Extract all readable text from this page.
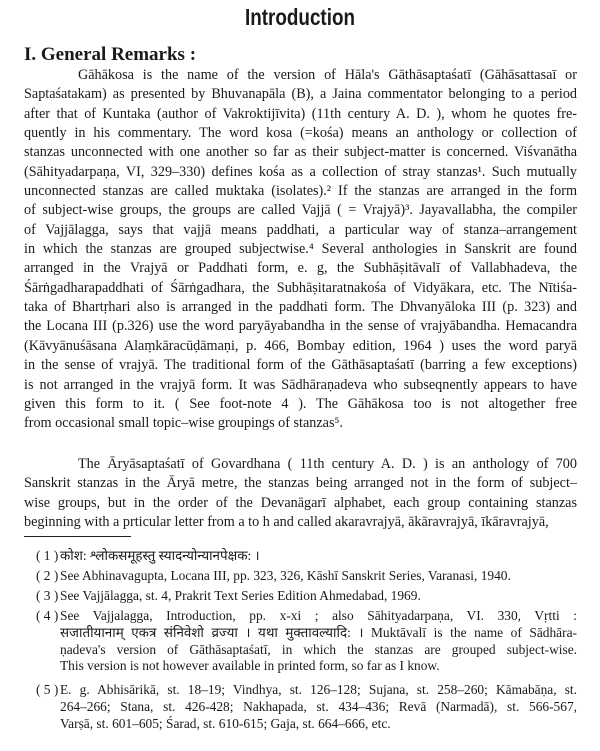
Introduction
I. General Remarks :
Gāhākosa is the name of the version of Hāla's Gāthāsaptaśatī (Gāhāsattasaī or
Saptaśatakam) as presented by Bhuvanapāla (B), a Jaina commentator belonging to a period
after that of Kuntaka (author of Vakroktijīvita) (11th century A. D. ), whom he quotes fre-
quently in his commentary. The word kosa (=kośa) means an anthology or collection of
stanzas unconnected with one another so far as their subject-matter is concerned. Viśvanātha
(Sāhityadarpaṇa, VI, 329–330) defines kośa as a collection of stray stanzas¹. Such mutually
unconnected stanzas are called muktaka (isolates).² If the stanzas are arranged in the form
of subject-wise groups, the groups are called Vajjā ( = Vrajyā)³. Jayavallabha, the compiler
of Vajjālagga, says that vajjā means paddhati, a particular way of stanza–arrangement
in which the stanzas are grouped subjectwise.⁴ Several anthologies in Sanskrit are found
arranged in the Vrajyā or Paddhati form, e. g, the Subhāṣitāvalī of Vallabhadeva, the
Śārṅgadharapaddhati of Śārṅgadhara, the Subhāṣitaratnakośa of Vidyākara, etc. The Nītiśa-
taka of Bhartṛhari also is arranged in the paddhati form. The Dhvanyāloka III (p. 323) and
the Locana III (p.326) use the word paryāyabandha in the sense of vrajyābandha. Hemacandra
(Kāvyānuśāsana Alaṃkāracūḍāmaṇi, p. 466, Bombay edition, 1964 ) uses the word paryā
in the sense of vrajyā. The traditional form of the Gāthāsaptaśatī (barring a few exceptions)
is not arranged in the vrajyā form. It was Sādhāraṇadeva who subseqnently appears to have
given this form to it. ( See foot-note 4 ). The Gāhākosa too is not altogether free
from occasional small topic–wise groupings of stanzas⁵.
The Āryāsaptaśatī of Govardhana ( 11th century A. D. ) is an anthology of 700
Sanskrit stanzas in the Āryā metre, the stanzas being arranged not in the form of subject–
wise groups, but in the order of the Devanāgarī alphabet, each group containing stanzas
beginning with a prticular letter from a to h and called akaravrajyā, ākāravrajyā, īkāravrajyā,
( 1 ) कोश: श्लोकसमूहस्तु स्यादन्योन्यानपेक्षक: ।
( 2 ) See Abhinavagupta, Locana III, pp. 323, 326, Kāshī Sanskrit Series, Varanasi, 1940.
( 3 ) See Vajjālagga, st. 4, Prakrit Text Series Edition Ahmedabad, 1969.
( 4 ) See Vajjalagga, Introduction, pp. x-xi ; also Sāhityadarpaṇa, VI. 330, Vṛtti :
सजातीयानाम् एकत्र संनिवेशो व्रज्या । यथा मुक्तावल्यादि: । Muktāvalī is the name of Sādhāra-
ṇadeva's version of Gāthāsaptaśatī, in which the stanzas are grouped subject-wise.
This version is not however available in printed form, so far as I know.
( 5 ) E. g. Abhisārikā, st. 18–19; Vindhya, st. 126–128; Sujana, st. 258–260; Kāmabāṇa, st.
264–266; Stana, st. 426-428; Nakhapada, st. 434–436; Revā (Narmadā), st. 566-567,
Varṣā, st. 601–605; Śarad, st. 610-615; Gaja, st. 664–666, etc.
